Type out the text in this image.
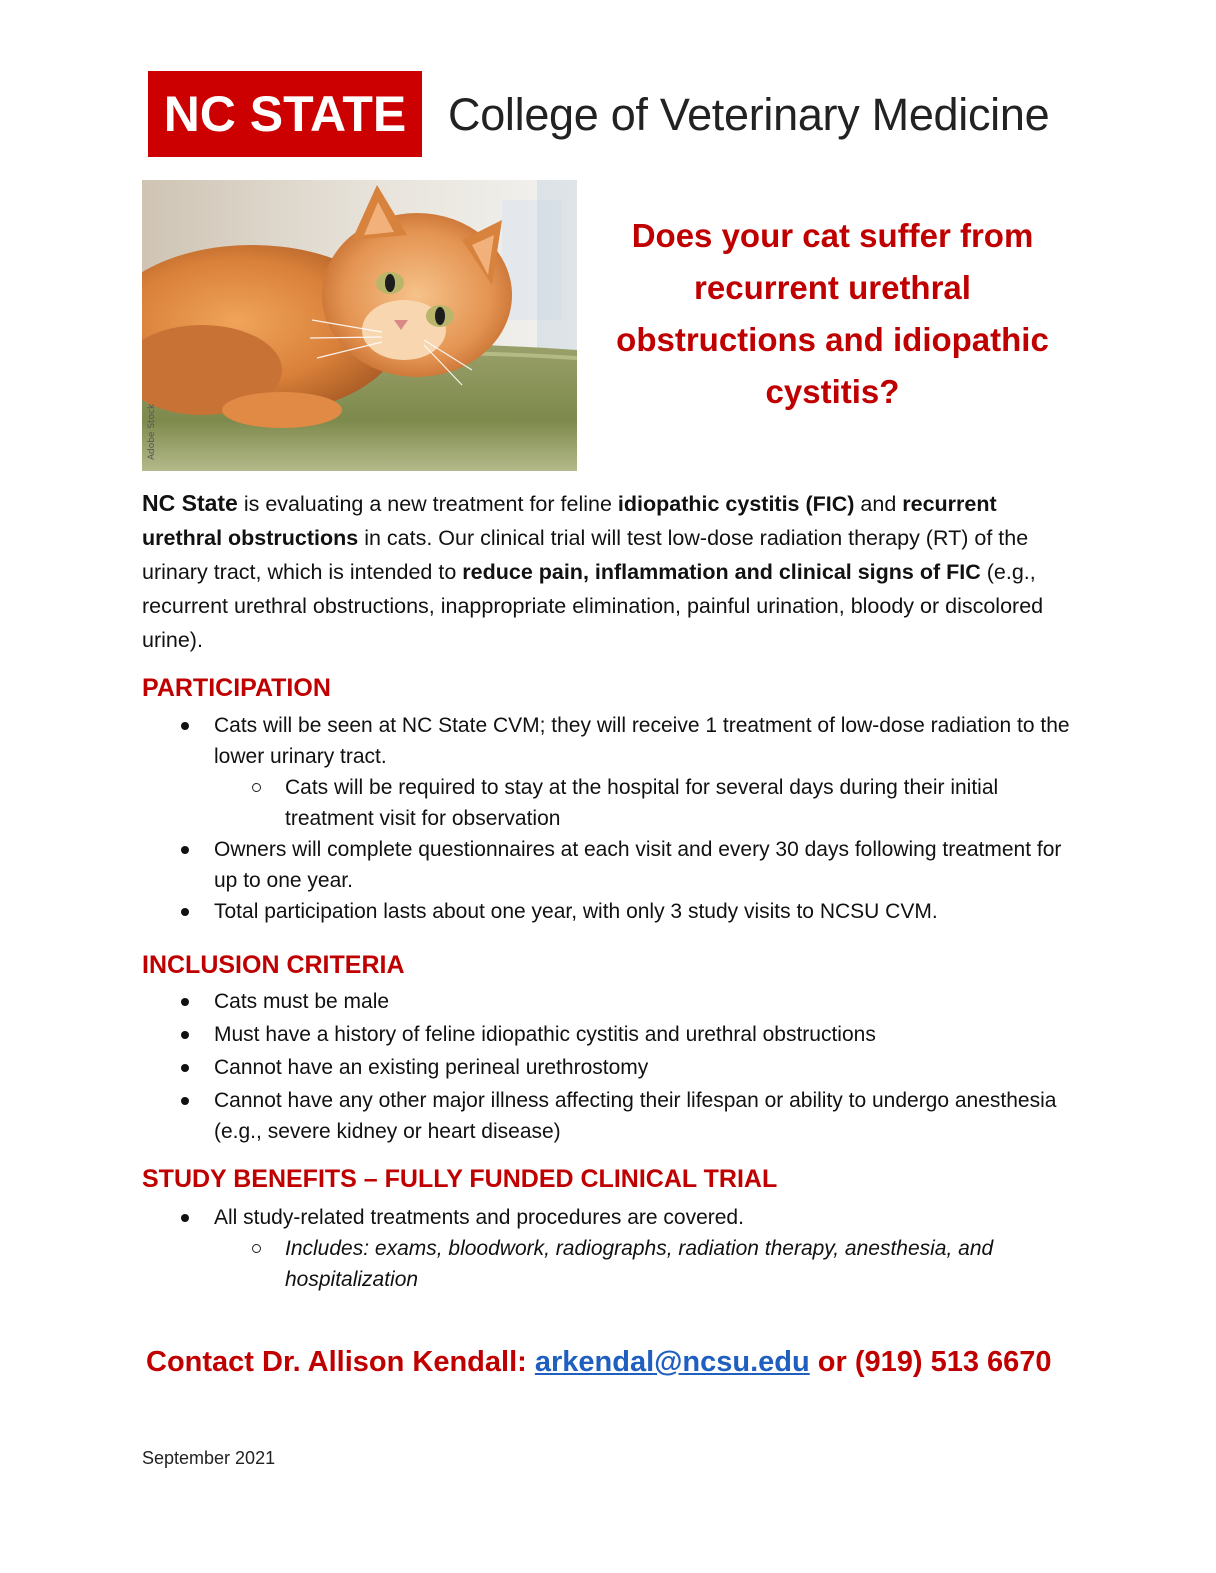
NC STATE College of Veterinary Medicine
Adobe Stock
Does your cat suffer from
recurrent urethral
obstructions and idiopathic
cystitis?
NC State is evaluating a new treatment for feline idiopathic cystitis (FIC) and recurrent urethral obstructions in cats. Our clinical trial will test low-dose radiation therapy (RT) of the urinary tract, which is intended to reduce pain, inflammation and clinical signs of FIC (e.g., recurrent urethral obstructions, inappropriate elimination, painful urination, bloody or discolored urine).
PARTICIPATION
Cats will be seen at NC State CVM; they will receive 1 treatment of low-dose radiation to the lower urinary tract.
Cats will be required to stay at the hospital for several days during their initial treatment visit for observation
Owners will complete questionnaires at each visit and every 30 days following treatment for up to one year.
Total participation lasts about one year, with only 3 study visits to NCSU CVM.
INCLUSION CRITERIA
Cats must be male
Must have a history of feline idiopathic cystitis and urethral obstructions
Cannot have an existing perineal urethrostomy
Cannot have any other major illness affecting their lifespan or ability to undergo anesthesia (e.g., severe kidney or heart disease)
STUDY BENEFITS – FULLY FUNDED CLINICAL TRIAL
All study-related treatments and procedures are covered.
Includes: exams, bloodwork, radiographs, radiation therapy, anesthesia, and hospitalization
Contact Dr. Allison Kendall: arkendal@ncsu.edu or (919) 513 6670
September 2021
